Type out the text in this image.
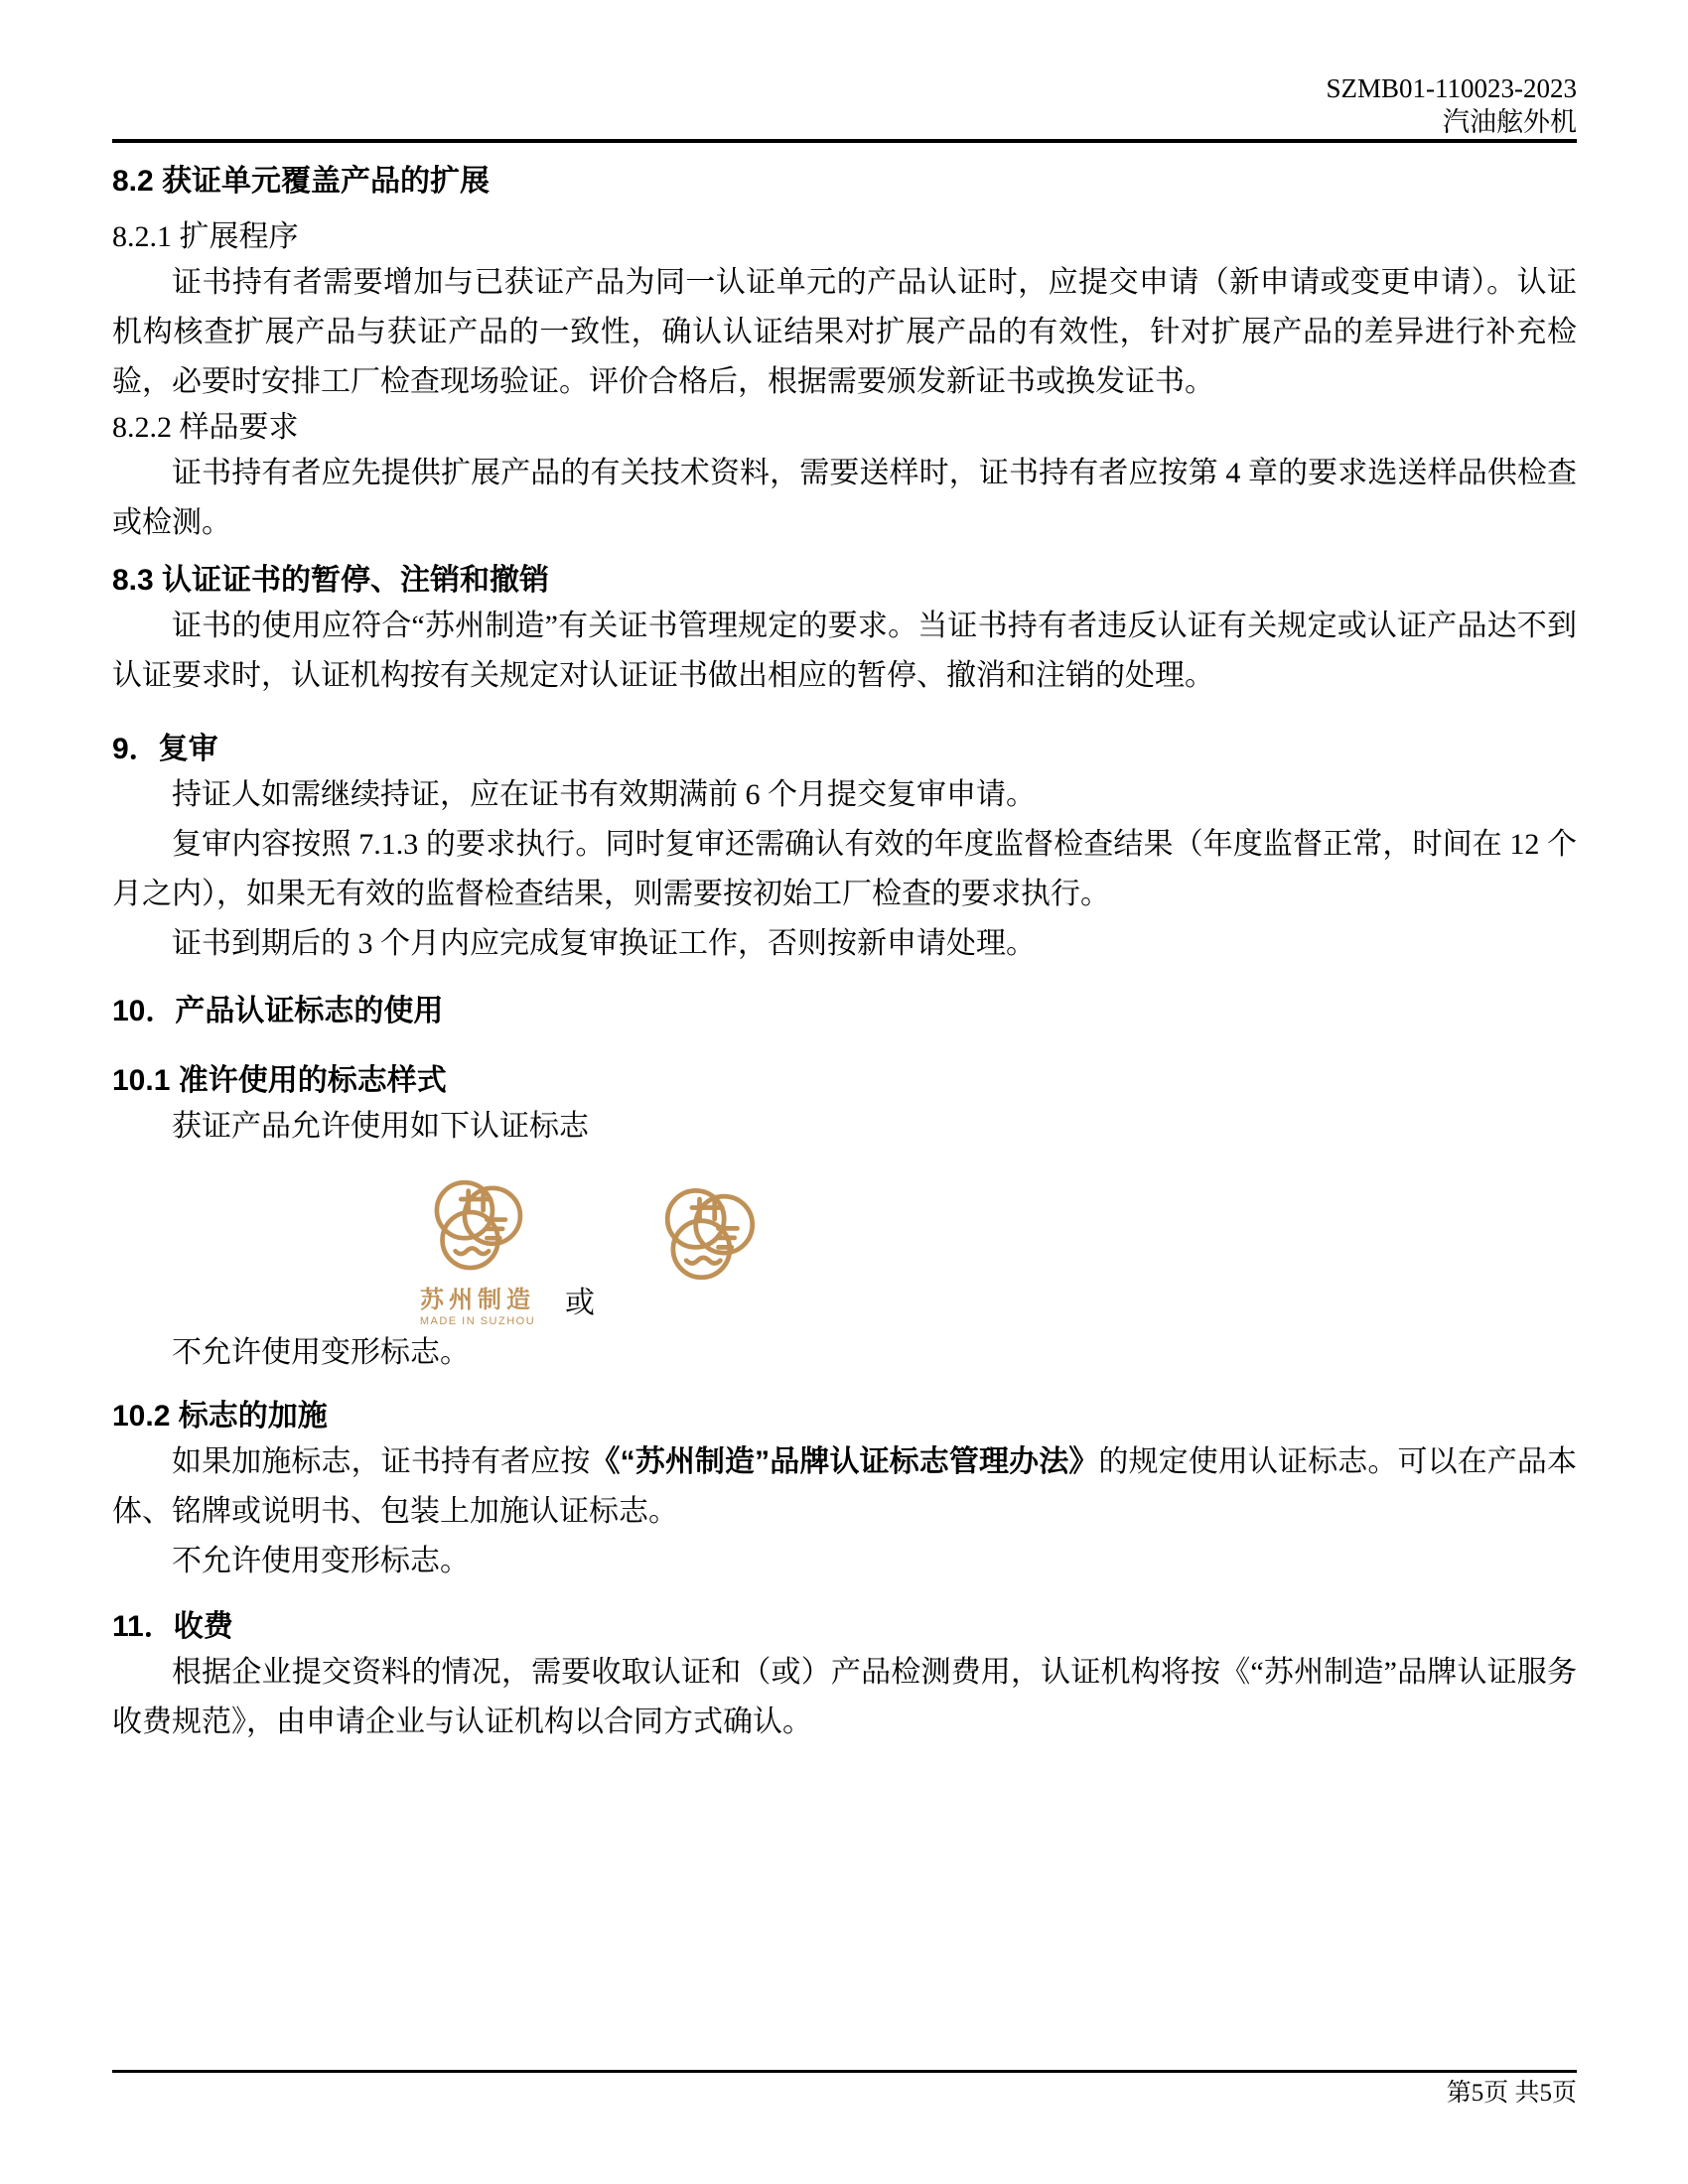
SZMB01-110023-2023
汽油舷外机
8.2 获证单元覆盖产品的扩展
8.2.1 扩展程序

证书持有者需要增加与已获证产品为同一认证单元的产品认证时，应提交申请（新申请或变更申请）。认证机构核查扩展产品与获证产品的一致性，确认认证结果对扩展产品的有效性，针对扩展产品的差异进行补充检验，必要时安排工厂检查现场验证。评价合格后，根据需要颁发新证书或换发证书。

8.2.2 样品要求

证书持有者应先提供扩展产品的有关技术资料，需要送样时，证书持有者应按第 4 章的要求选送样品供检查或检测。

8.3 认证证书的暂停、注销和撤销

证书的使用应符合“苏州制造”有关证书管理规定的要求。当证书持有者违反认证有关规定或认证产品达不到认证要求时，认证机构按有关规定对认证证书做出相应的暂停、撤消和注销的处理。

9．复审

持证人如需继续持证，应在证书有效期满前 6 个月提交复审申请。

复审内容按照 7.1.3 的要求执行。同时复审还需确认有效的年度监督检查结果（年度监督正常，时间在 12 个月之内），如果无有效的监督检查结果，则需要按初始工厂检查的要求执行。

证书到期后的 3 个月内应完成复审换证工作，否则按新申请处理。

10．产品认证标志的使用
10.1 准许使用的标志样式

获证产品允许使用如下认证标志

苏州制造
MADE IN SUZHOU
或

不允许使用变形标志。

10.2 标志的加施

如果加施标志，证书持有者应按《“苏州制造”品牌认证标志管理办法》的规定使用认证标志。可以在产品本体、铭牌或说明书、包装上加施认证标志。

不允许使用变形标志。

11．收费

根据企业提交资料的情况，需要收取认证和（或）产品检测费用，认证机构将按《“苏州制造”品牌认证服务收费规范》，由申请企业与认证机构以合同方式确认。

第5页 共5页
